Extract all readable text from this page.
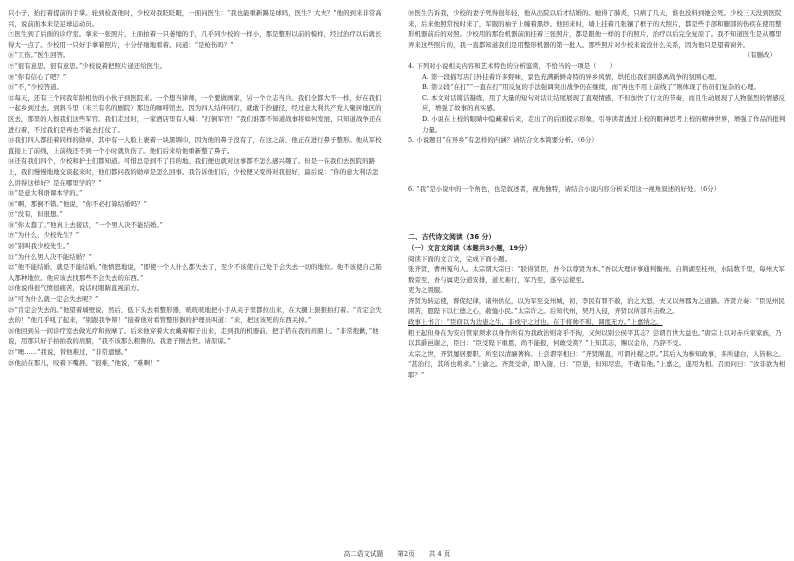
只小子，抬打着提前的手掌。轮到检查他时，少校对我眨眨眼，一面问医生：“我也能重新踢足球吗，医生？大夫？”他的到来非常高兴，说前面本来是足球运动员。

⑦医生到了后面的诊疗室。拿来一张照片，上面拍着一只萎缩的手，几乎同少校的一样小，那是整形以前的模样，经过治疗以后就长得大一点了。少校用一只好手拿着照片，十分仔细地看着。问道：“是枪伤吗？”

⑧“工伤。”医生回答。

⑨“很有意思，很有意思。”少校说着把照片递还给医生。

⑩“你有信心了吧？”

⑪“不，”少校答道。

⑫每天，还有三个同我年龄相仿的小伙子到医院来。一个想当律师，一个要做画家，另一个立志当兵。我们全都大不一样，好在我们一起乡到过去。到斜斗里（米兰有名的剧院）那边的咖啡馆去。因为四人结伴同行，就敢于抄捷径，经过意大利共产党人聚居地区的区去，那里的人恨我们这些军官。我们走过时，一家酒店里有人喊：“打倒军官！”我们谁都不知道战事将如何发展，只知道战争还在进行着，不过我们是再也不能去打仗了。

⑬我们四人都挂着同样的勋章，其中有一人脸上裹着一块黑绸巾，因为他的鼻子没有了，在这之前，他正在进行鼻子整形。他从军校直接上了前线，上前线还不到一个小时就负伤了。他们后来给他重新整了鼻子。

⑭还有我们四个，少校和护士们都知道。可惜总是到不了目的地。我们便也就对这事都不怎么感兴趣了。但是一在我们去医院的路上，我们慢慢地地交谈起来时，他们都问我的勋章是怎么回事。我告诉他们后，少校便又变得对我很好，最后说：“你的意大利话怎么讲得这样好？是在哪里学的？”

⑮“是意大利语课本学的。”

⑯“啊，那倒不错。”他说，“你不必打算结婚吗？”

⑰“没有，但很想。”

⑱“你太蠢了。”他真上去接话，“一个男人决不能结婚。”

⑲“为什么，少校先生？”

⑳“别叫我少校先生。”

㉑“为什么男人决不能结婚？”

㉒“他不能结婚，就是不能结婚。”他愤怒地说，“即使一个人什么都失去了，至少不该使自己处于会失去一切的地位。他不该使自己陷入那种地位。他应该去找那些不会失去的东西。”

㉓他说得很气愤很痛苦，说话时眼睛直视前方。

㉔“可为什么就一定会失去呢？”

㉕“肯定会失去的。”他望着墙壁说，然后，低下头去看整形器，咣咣咣地把小手从夹子里都拉出来，在大腿上狠狠拍打着。“肯定会失去的！”他几乎吼了起来，“别跟我争辩！”接着他对看管整形器的护理员叫道：“来，把这该死的东西关掉。”

㉖他回到另一间诊疗室去做光疗和按摩了。后来他穿着大衣戴着帽子出来，走到我的机器前，把手搭在我的肩膀上。“非常抱歉，”他说，用那只好手拍拍我的肩膀，“我不该那么粗鲁的。我妻子刚去世。请原谅。”

㉗“噢……”我说，替他难过，“非常遗憾。”

㉘他站在那儿，咬着下嘴唇。“很难，”他说，“难啊！”

㉚医生告诉我，少校的妻子死得很年轻，他从出院以后才结婚的。她得了肺炎，只病了几天，谁也没料到她会死。少校三天没到医院来，后来他照常按时来了，军服的袖子上缠着黑纱。他回来时，墙上挂着几张镶了框子的大照片，都是些手部和腿部的伤疾在使用整形机器前后的对照。少校用的那台机器前面挂着三张照片，都是跟他一样的手的照片，治疗以后完全复原了。我不知道医生是从哪里弄来这些照片的，我一直都知道我们是用整形机器的第一批人。那些照片对少校来说没什么关系，因为他只是望着窗外。

（有删改）

4. 下列对小说相关内容和艺术特色的分析鉴赏，不恰当的一项是（　　）

A. 第一段描写店门外挂着许多野味，景色充满新鲜奇特的异乡风情，烘托出我们困惑离战争的氛围心理。

B. 第②段“在打”“一直在打”用反复的手法强调突出战争仍在继续，而“再也不用上前线了”则体现了伤员们复杂的心理。

C. 本文对话简洁凝练，用了大量的短句对话让结尾展现了直观情感，不但加快了行文的节奏，而且生动展现了人物强烈的情感反应，增强了故事的真实感。

D. 小说在上校的眼睛中隐藏着后来，走出了的后面提示形象，引导读者透过上校的眼神思考上校的精神世界，增强了作品的批判力量。

5. 小说题目“在异乡”有怎样的内涵？请结合文本简要分析。（6分）

6. “我”是小说中的一个角色，也是叙述者，视角独特，请结合小说内容分析采用这一视角叙述的好处。（6分）

二、古代诗文阅读（36 分）

（一）文言文阅读（本题共3小题，19分）

阅读下面的文言文，完成下面小题。

张齐贤，曹州冤句人。太宗谓大宗曰：“朕得贤臣，吾今以尊贤为本。”吾以大理评事通判衡州。自荆湖至桂州，水陆数千里，每州大军数旁至，吾与属吏分道安排，道尤难行，军乃至，遂卒运使至。

吏为之畏服。

齐贤为转运使，督促纪律，诸州供亿，以为军至交州城，初，李民有罪不赦，治之大怒，夫又以州郡为之道路。齐贤立奏：“臣见州民困苦，愿陛下以仁德之心，赦恤小民。”太宗许之。后知代州，契丹入侵，齐贤以所部兵击败之。

政事上书言：“臣窃以为边患之生，非戍守之过也。在于将帅不和，调度无方。”上嘉纳之。

粗王起但身在为安自管家须求以身作所有为我政治则奇乎不拘，又何以别公侯平其志？尝谓百世大益也。”唐宗上以对赤兵家家族，乃以其爵邑谢之，臣曰：“臣受陛下重恩，尚不能报，何敢受赏？”上知其志，赐以金帛，乃辞不受。

太宗之世，齐贤屡居要职，所至以清廉著称。上尝谓宰相曰：“齐贤刚直，可谓社稷之臣。”其后入为参知政事，多所建白，人皆称之。

“甚治行，其所也将求。”上谕之。齐贤受命，即入谢，曰：“臣愚，但知尽忠，不敢有他。”上嘉之，遂用为相。召而问曰：“汝非欲为相耶？”

高二语文试题 第2页 共 4 页
